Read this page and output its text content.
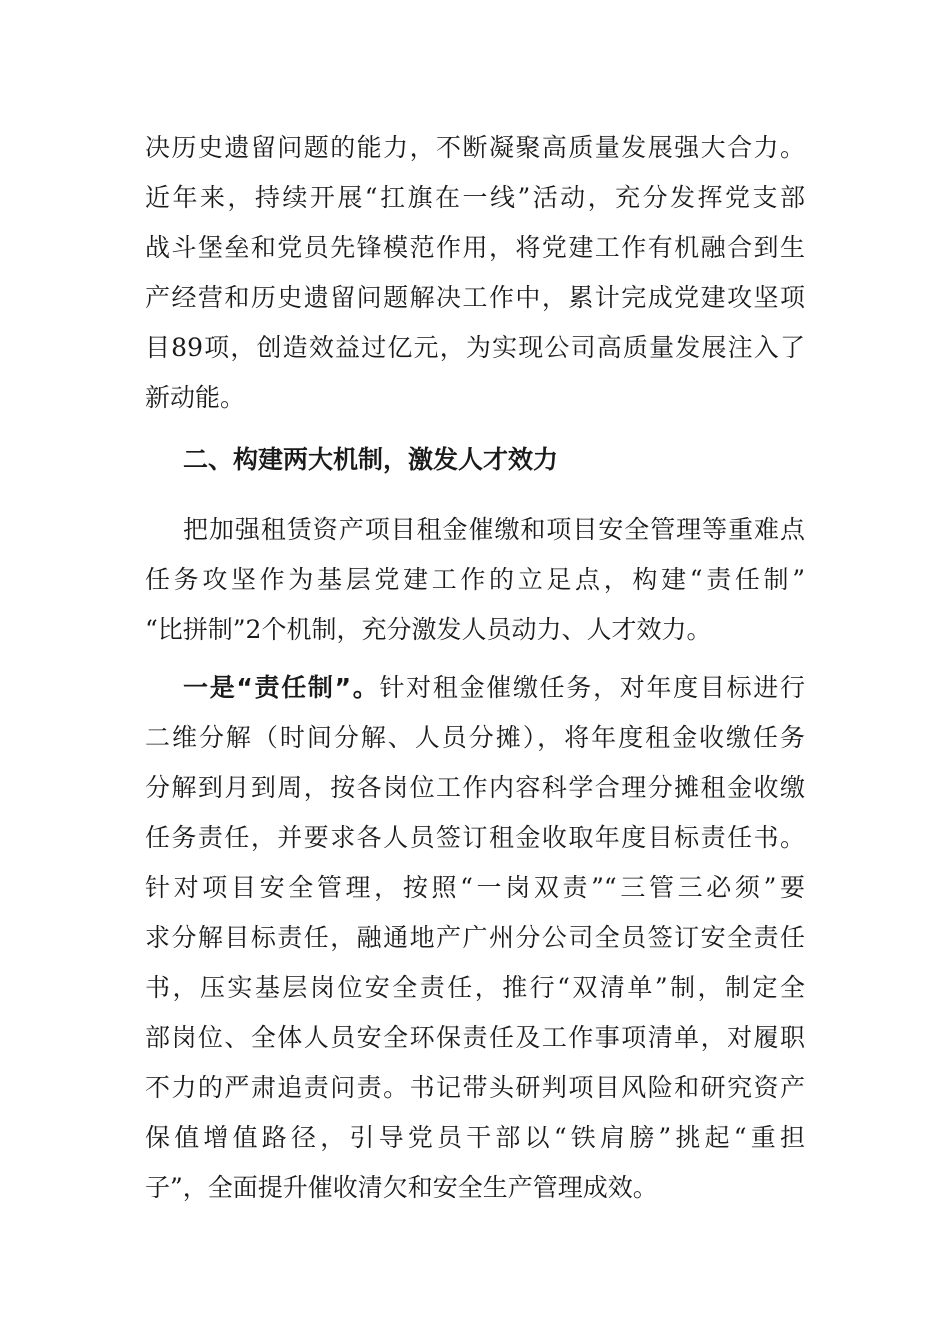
决历史遗留问题的能力，不断凝聚高质量发展强大合力。
近年来，持续开展“扛旗在一线”活动，充分发挥党支部
战斗堡垒和党员先锋模范作用，将党建工作有机融合到生
产经营和历史遗留问题解决工作中，累计完成党建攻坚项
目89项，创造效益过亿元，为实现公司高质量发展注入了
新动能。
二、构建两大机制，激发人才效力
把加强租赁资产项目租金催缴和项目安全管理等重难点
任务攻坚作为基层党建工作的立足点，构建“责任制”
“比拼制”2个机制，充分激发人员动力、人才效力。
一是“责任制”。针对租金催缴任务，对年度目标进行
二维分解（时间分解、人员分摊），将年度租金收缴任务
分解到月到周，按各岗位工作内容科学合理分摊租金收缴
任务责任，并要求各人员签订租金收取年度目标责任书。
针对项目安全管理，按照“一岗双责”“三管三必须”要
求分解目标责任，融通地产广州分公司全员签订安全责任
书，压实基层岗位安全责任，推行“双清单”制，制定全
部岗位、全体人员安全环保责任及工作事项清单，对履职
不力的严肃追责问责。书记带头研判项目风险和研究资产
保值增值路径，引导党员干部以“铁肩膀”挑起“重担
子”，全面提升催收清欠和安全生产管理成效。
